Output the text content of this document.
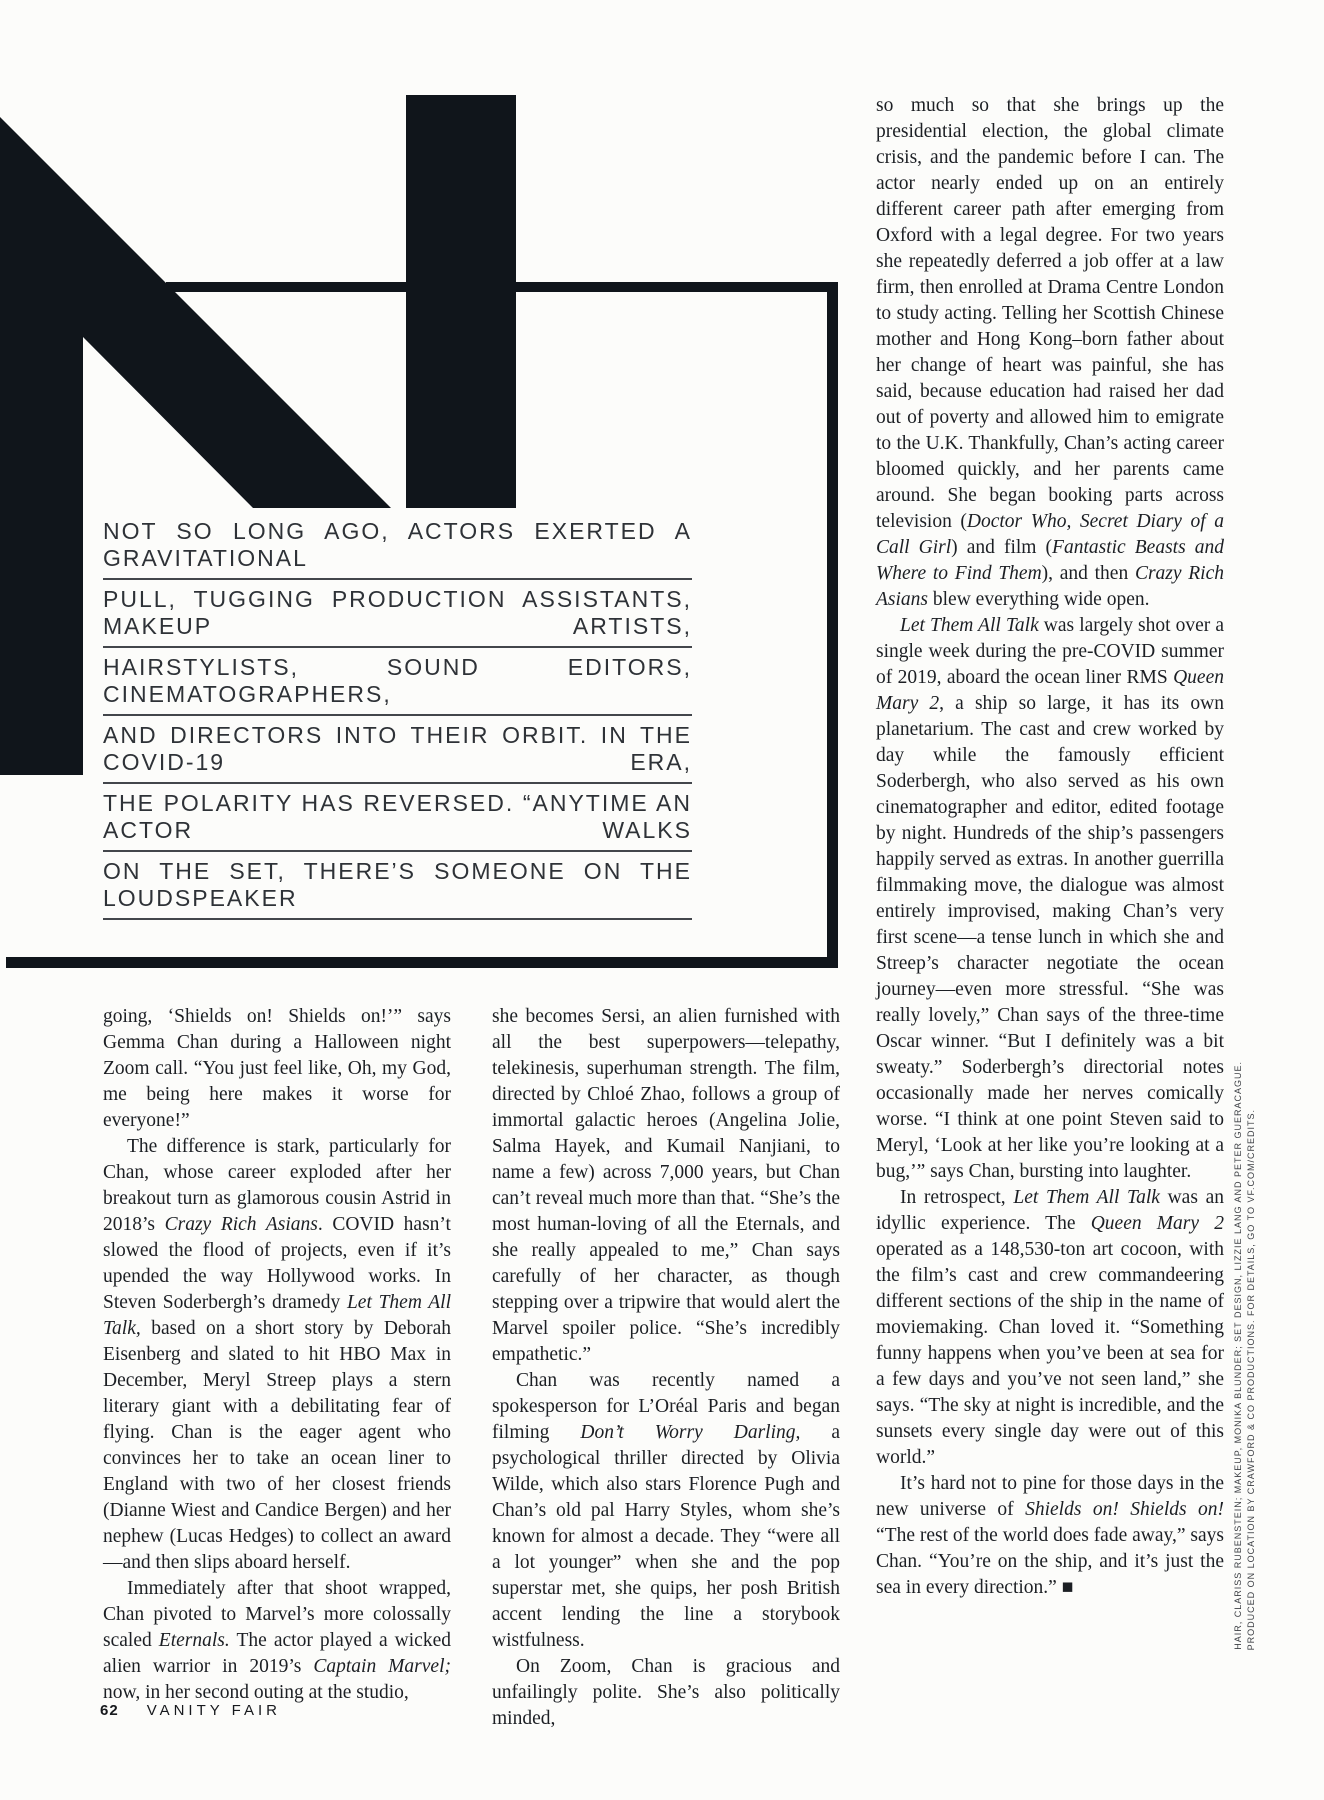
NOT SO LONG AGO, ACTORS EXERTED A GRAVITATIONAL
PULL, TUGGING PRODUCTION ASSISTANTS, MAKEUP ARTISTS,
HAIRSTYLISTS, SOUND EDITORS, CINEMATOGRAPHERS,
AND DIRECTORS INTO THEIR ORBIT. IN THE COVID-19 ERA,
THE POLARITY HAS REVERSED. “ANYTIME AN ACTOR WALKS
ON THE SET, THERE’S SOMEONE ON THE LOUDSPEAKER

going, ‘Shields on! Shields on!’” says Gemma Chan during a Halloween night Zoom call. “You just feel like, Oh, my God, me being here makes it worse for everyone!”

The difference is stark, particularly for Chan, whose career exploded after her breakout turn as glamorous cousin Astrid in 2018’s Crazy Rich Asians. COVID hasn’t slowed the flood of projects, even if it’s upended the way Hollywood works. In Steven Soderbergh’s dramedy Let Them All Talk, based on a short story by Deborah Eisenberg and slated to hit HBO Max in December, Meryl Streep plays a stern literary giant with a debilitating fear of flying. Chan is the eager agent who convinces her to take an ocean liner to England with two of her closest friends (Dianne Wiest and Candice Bergen) and her nephew (Lucas Hedges) to collect an award—and then slips aboard herself.

Immediately after that shoot wrapped, Chan pivoted to Marvel’s more colossally scaled Eternals. The actor played a wicked alien warrior in 2019’s Captain Marvel; now, in her second outing at the studio,

she becomes Sersi, an alien furnished with all the best superpowers—telepathy, telekinesis, superhuman strength. The film, directed by Chloé Zhao, follows a group of immortal galactic heroes (Angelina Jolie, Salma Hayek, and Kumail Nanjiani, to name a few) across 7,000 years, but Chan can’t reveal much more than that. “She’s the most human-loving of all the Eternals, and she really appealed to me,” Chan says carefully of her character, as though stepping over a tripwire that would alert the Marvel spoiler police. “She’s incredibly empathetic.”

Chan was recently named a spokesperson for L’Oréal Paris and began filming Don’t Worry Darling, a psychological thriller directed by Olivia Wilde, which also stars Florence Pugh and Chan’s old pal Harry Styles, whom she’s known for almost a decade. They “were all a lot younger” when she and the pop superstar met, she quips, her posh British accent lending the line a storybook wistfulness.

On Zoom, Chan is gracious and unfailingly polite. She’s also politically minded,

so much so that she brings up the presidential election, the global climate crisis, and the pandemic before I can. The actor nearly ended up on an entirely different career path after emerging from Oxford with a legal degree. For two years she repeatedly deferred a job offer at a law firm, then enrolled at Drama Centre London to study acting. Telling her Scottish Chinese mother and Hong Kong–born father about her change of heart was painful, she has said, because education had raised her dad out of poverty and allowed him to emigrate to the U.K. Thankfully, Chan’s acting career bloomed quickly, and her parents came around. She began booking parts across television (Doctor Who, Secret Diary of a Call Girl) and film (Fantastic Beasts and Where to Find Them), and then Crazy Rich Asians blew everything wide open.

Let Them All Talk was largely shot over a single week during the pre-COVID summer of 2019, aboard the ocean liner RMS Queen Mary 2, a ship so large, it has its own planetarium. The cast and crew worked by day while the famously efficient Soderbergh, who also served as his own cinematographer and editor, edited footage by night. Hundreds of the ship’s passengers happily served as extras. In another guerrilla filmmaking move, the dialogue was almost entirely improvised, making Chan’s very first scene—a tense lunch in which she and Streep’s character negotiate the ocean journey—even more stressful. “She was really lovely,” Chan says of the three-time Oscar winner. “But I definitely was a bit sweaty.” Soderbergh’s directorial notes occasionally made her nerves comically worse. “I think at one point Steven said to Meryl, ‘Look at her like you’re looking at a bug,’” says Chan, bursting into laughter.

In retrospect, Let Them All Talk was an idyllic experience. The Queen Mary 2 operated as a 148,530-ton art cocoon, with the film’s cast and crew commandeering different sections of the ship in the name of moviemaking. Chan loved it. “Something funny happens when you’ve been at sea for a few days and you’ve not seen land,” she says. “The sky at night is incredible, and the sunsets every single day were out of this world.”

It’s hard not to pine for those days in the new universe of Shields on! Shields on! “The rest of the world does fade away,” says Chan. “You’re on the ship, and it’s just the sea in every direction.” ■	HAIR, CLARISS RUBENSTEIN; MAKEUP, MONIKA BLUNDER; SET DESIGN, LIZZIE LANG AND PETER GUERACAGUE. PRODUCED ON LOCATION BY CRAWFORD & CO PRODUCTIONS. FOR DETAILS, GO TO VF.COM/CREDITS.
62 VANITY FAIR
